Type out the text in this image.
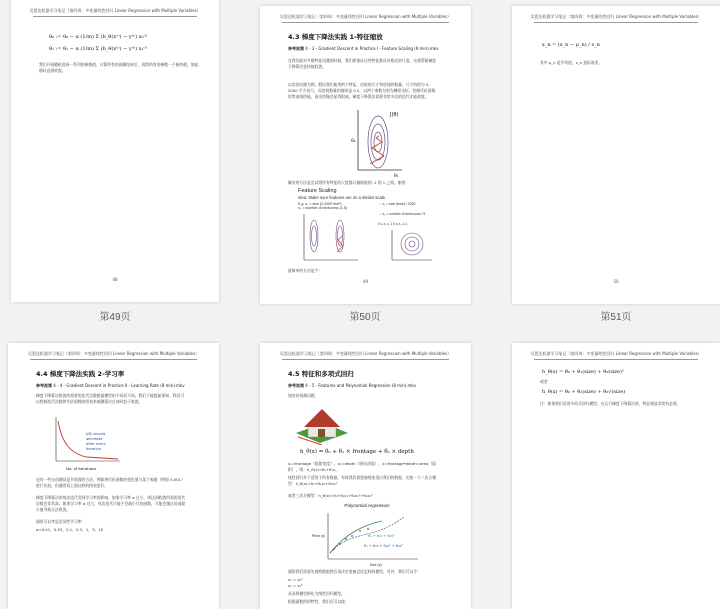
吴恩达机器学习笔记（第四周：多变量线性回归 Linear Regression with Multiple Variables）
θ₀ := θ₀ − α (1/m) Σ (h_θ(x⁽ⁱ⁾) − y⁽ⁱ⁾) x₀⁽ⁱ⁾
θ₁ := θ₁ − α (1/m) Σ (h_θ(x⁽ⁱ⁾) − y⁽ⁱ⁾) x₁⁽ⁱ⁾
我们开始随机选择一系列的参数值，计算所有的预测结果后，再给所有的参数一个新的值，如此循环直到收敛。
48
第49页
吴恩达机器学习笔记（第四周：多变量线性回归 Linear Regression with Multiple Variables）
4.3 梯度下降法实践 1-特征缩放
参考视频 4 - 3 - Gradient Descent in Practice I - Feature Scaling (9 min).mkv
在我们面对多维特征问题的时候，我们要保证这些特征都具有相近的尺度，这将帮助梯度下降算法更快地收敛。
以房价问题为例，假设我们使用两个特征，房屋的尺寸和房间的数量，尺寸的值为 0-2000 平方英尺，而房间数量的值则是 0-5，以两个参数分别为横纵坐标，绘制代价函数的等高线图能，看出图像会显得很扁，梯度下降算法需要非常多次的迭代才能收敛。
J(θ)
θ₂
θ₁
解决的方法是尝试将所有特征的尺度都尽量缩放到 -1 到 1 之间。如图：
Feature Scaling
Idea: Make sure features are on a similar scale.
E.g. x₁ = size (0-2000 feet²)
x₂ = number of bedrooms (1-5)
→ x₁ = size (feet²) / 2000
→ x₂ = number of bedrooms / 5
0 ≤ x₁ ≤ 1 0 ≤ x₂ ≤ 1
最简单的方法是令：
49
第50页
吴恩达机器学习笔记（第四周：多变量线性回归 Linear Regression with Multiple Variables）
x_n = (x_n − μ_n) / s_n
其中 μ_n 是平均值，s_n 是标准差。
50
第51页
吴恩达机器学习笔记（第四周：多变量线性回归 Linear Regression with Multiple Variables）
4.4 梯度下降法实践 2-学习率
参考视频 4 - 4 - Gradient Descent in Practice II - Learning Rate (8 min).mkv
梯度下降算法收敛所需要的迭代次数根据模型的不同而不同，我们不能提前预知，我们可以绘制迭代次数和代价函数的图表来观测算法在何时趋于收敛。
J(θ) should
decrease
after every
iteration
No. of iterations
也有一些自动测试是否收敛的方法，例如将代价函数的变化值与某个阀值（例如 0.001）进行比较，但通常看上面这样的图表更好。
梯度下降算法的每次迭代受到学习率的影响，如果学习率 α 过小，则达到收敛所需的迭代次数会非常高；如果学习率 α 过大，每次迭代可能不会减小代价函数，可能会越过局部最小值导致无法收敛。
通常可以考虑尝试些学习率：
α=0.01，0.03，0.1，0.3，1，3，10
吴恩达机器学习笔记（第四周：多变量线性回归 Linear Regression with Multiple Variables）
4.5 特征和多项式回归
参考视频 4 - 5 - Features and Polynomial Regression (8 min).mkv
如房价预测问题，
h_θ(x) = θ₀ + θ₁ × frontage + θ₂ × depth
x₁=frontage（临街宽度），x₂=depth（纵向深度），x=frontage*depth=area（面积），则：h_θ(x)=θ₀+θ₁x。
线性回归并不适用于所有数据，有时我们需要曲线来适应我们的数据，比如一个二次方模型：h_θ(x)=θ₀+θ₁x₁+θ₂x₂²
或者三次方模型：h_θ(x)=θ₀+θ₁x₁+θ₂x₂²+θ₃x₃³
Polynomial regression
θ₀ + θ₁x + θ₂x²
θ₀ + θ₁x + θ₂x² + θ₃x³
Price (y)
Size (x)
通常我们需要先观察数据然后再决定准备尝试怎样的模型。另外，我们可以令：
x₂ = x₂²
x₃ = x₃³
从而将模型转化为线性回归模型。
根据函数图形特性，我们还可以使：
吴恩达机器学习笔记（第四周：多变量线性回归 Linear Regression with Multiple Variables）
h_θ(x) = θ₀ + θ₁(size) + θ₂(size)²
或者：
h_θ(x) = θ₀ + θ₁(size) + θ₂√(size)
注：如果我们采用多项式回归模型，在运行梯度下降算法前，特征缩放非常有必要。
